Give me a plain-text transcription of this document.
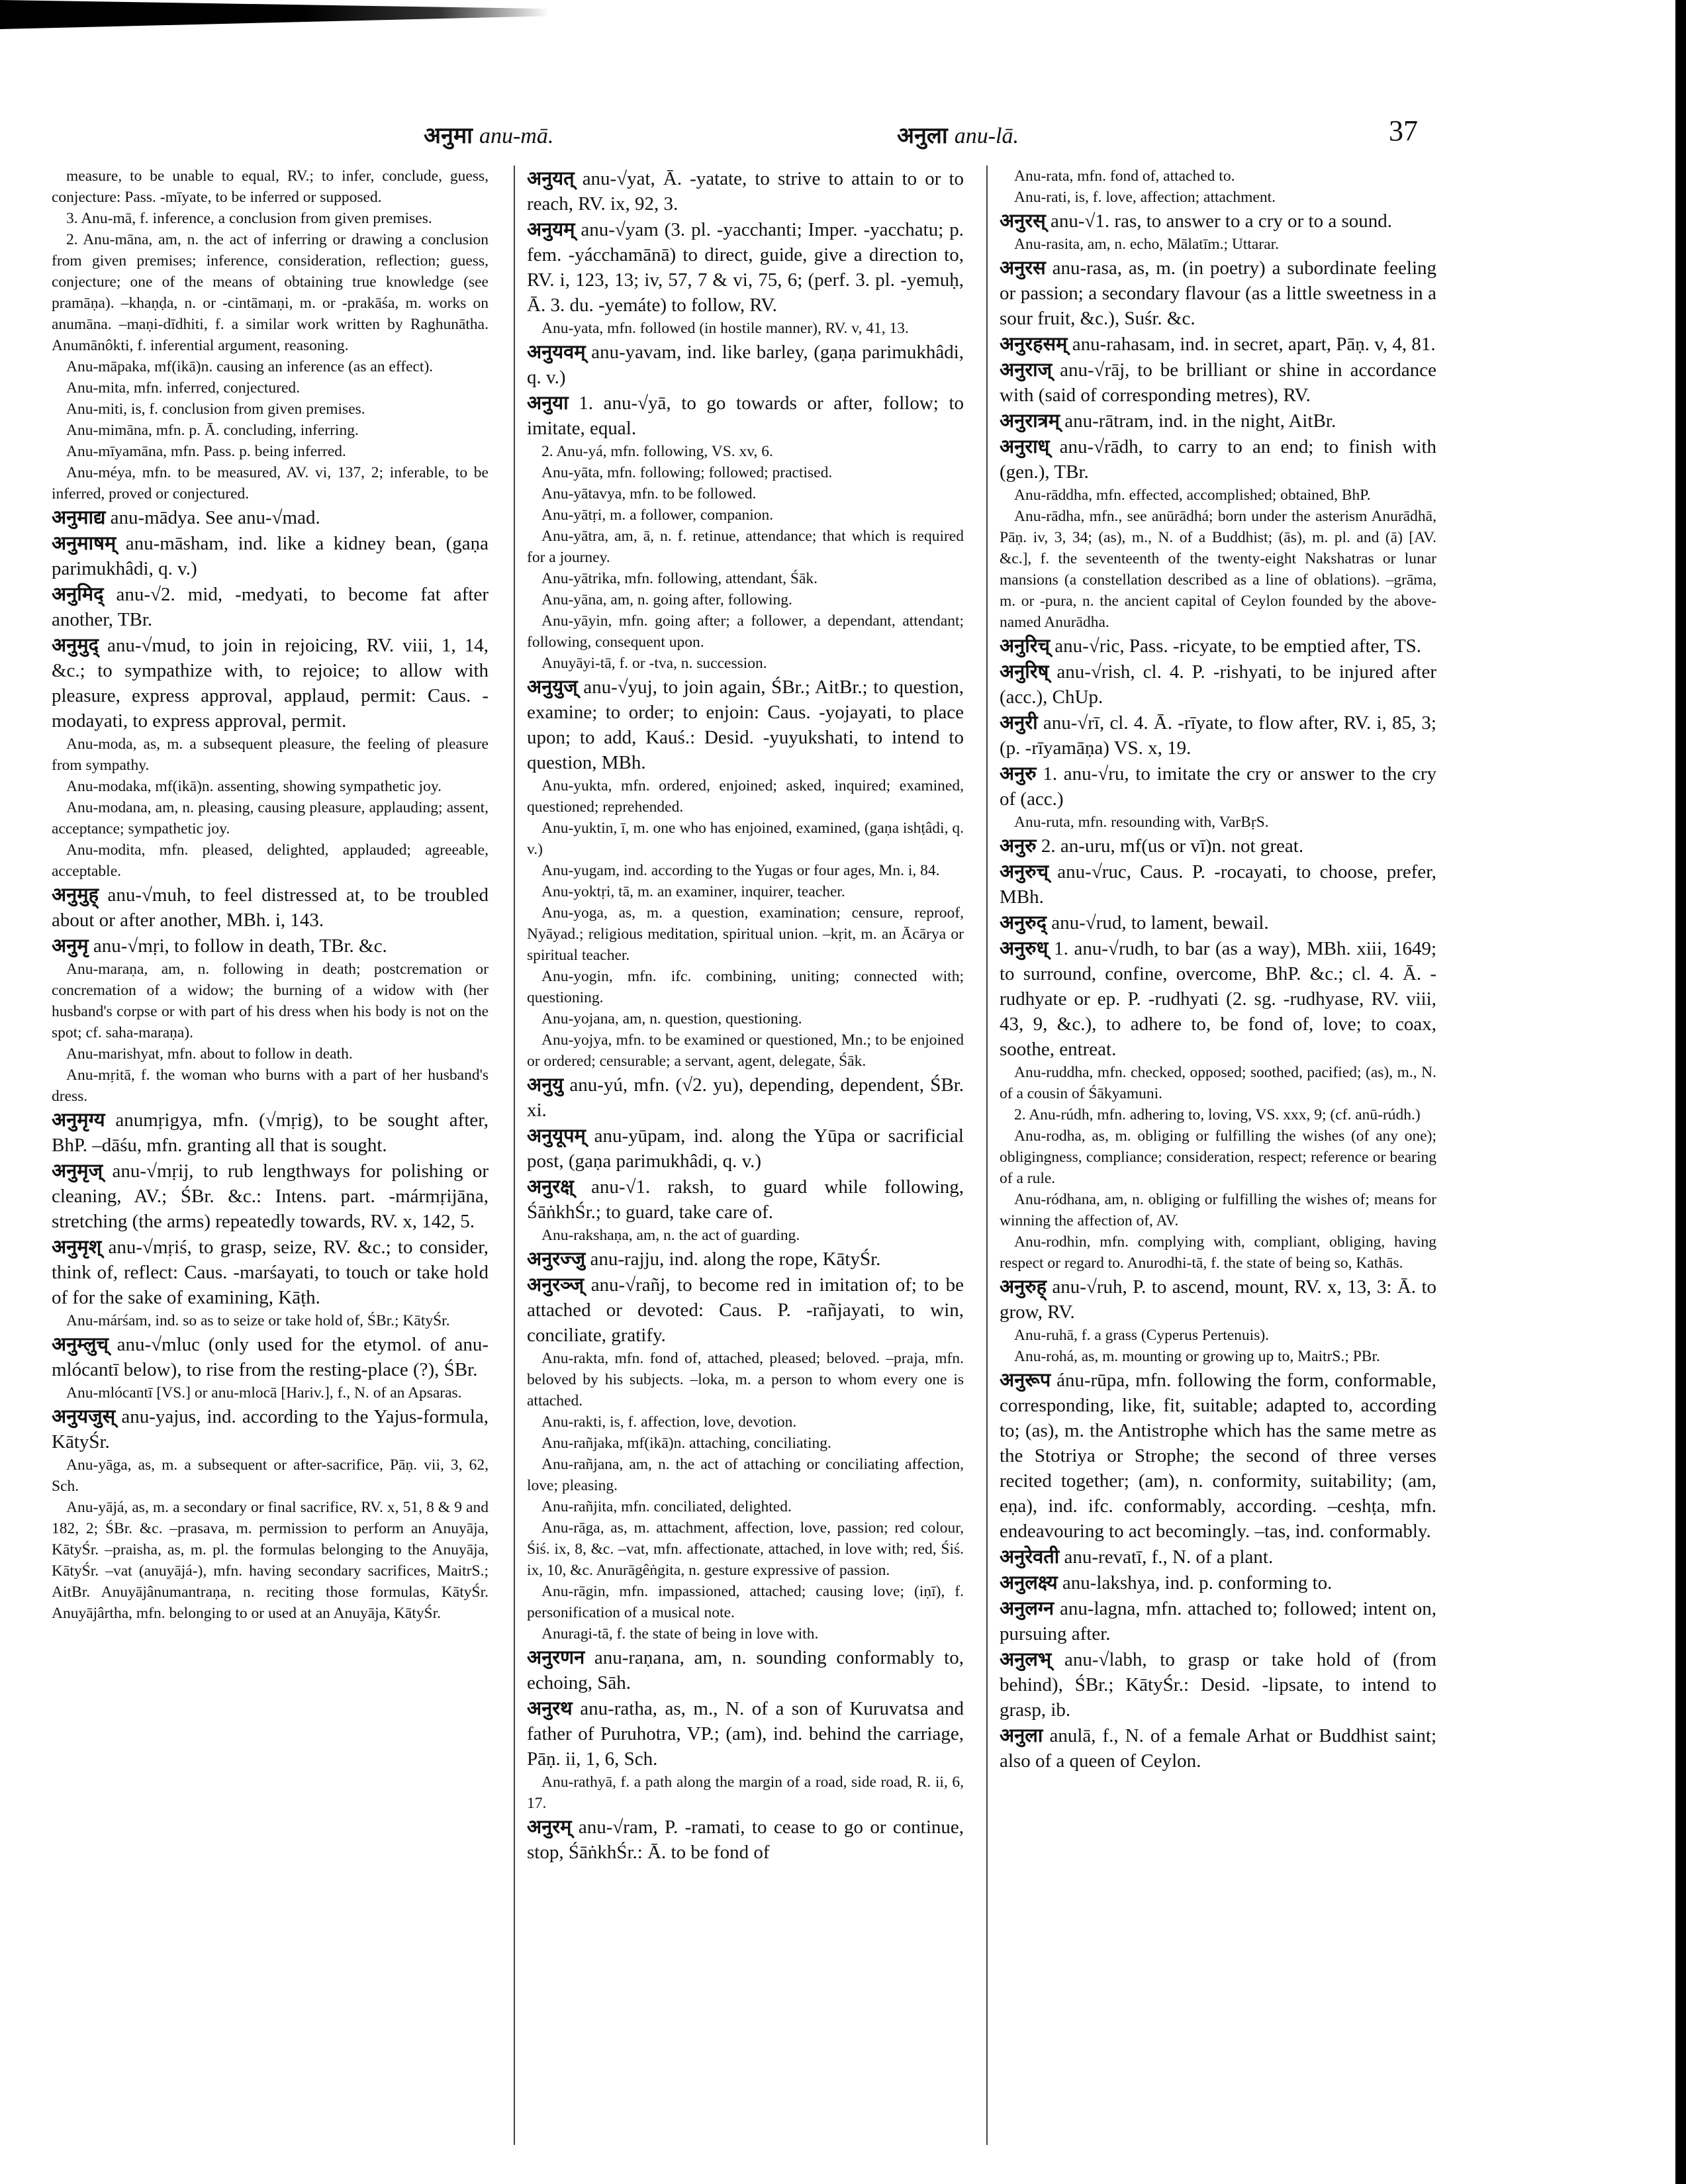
अनुमा anu-mā.	अनुला anu-lā.	37

measure, to be unable to equal, RV.; to infer, conclude, guess, conjecture: Pass. -mīyate, to be inferred or supposed.

3. Anu-mā, f. inference, a conclusion from given premises.

2. Anu-māna, am, n. the act of inferring or drawing a conclusion from given premises; inference, consideration, reflection; guess, conjecture; one of the means of obtaining true knowledge (see pramāṇa). –khaṇḍa, n. or -cintāmaṇi, m. or -prakāśa, m. works on anumāna. –maṇi-dīdhiti, f. a similar work written by Raghunātha. Anumānôkti, f. inferential argument, reasoning.

Anu-māpaka, mf(ikā)n. causing an inference (as an effect).

Anu-mita, mfn. inferred, conjectured.

Anu-miti, is, f. conclusion from given premises.

Anu-mimāna, mfn. p. Ā. concluding, inferring.

Anu-mīyamāna, mfn. Pass. p. being inferred.

Anu-méya, mfn. to be measured, AV. vi, 137, 2; inferable, to be inferred, proved or conjectured.

अनुमाद्य anu-mādya. See anu-√mad.

अनुमाषम् anu-māsham, ind. like a kidney bean, (gaṇa parimukhâdi, q. v.)

अनुमिद् anu-√2. mid, -medyati, to become fat after another, TBr.

अनुमुद् anu-√mud, to join in rejoicing, RV. viii, 1, 14, &c.; to sympathize with, to rejoice; to allow with pleasure, express approval, applaud, permit: Caus. -modayati, to express approval, permit.

Anu-moda, as, m. a subsequent pleasure, the feeling of pleasure from sympathy.

Anu-modaka, mf(ikā)n. assenting, showing sympathetic joy.

Anu-modana, am, n. pleasing, causing pleasure, applauding; assent, acceptance; sympathetic joy.

Anu-modita, mfn. pleased, delighted, applauded; agreeable, acceptable.

अनुमुह् anu-√muh, to feel distressed at, to be troubled about or after another, MBh. i, 143.

अनुमृ anu-√mṛi, to follow in death, TBr. &c.

Anu-maraṇa, am, n. following in death; postcremation or concremation of a widow; the burning of a widow with (her husband's corpse or with part of his dress when his body is not on the spot; cf. saha-maraṇa).

Anu-marishyat, mfn. about to follow in death.

Anu-mṛitā, f. the woman who burns with a part of her husband's dress.

अनुमृग्य anumṛigya, mfn. (√mṛig), to be sought after, BhP. –dāśu, mfn. granting all that is sought.

अनुमृज् anu-√mṛij, to rub lengthways for polishing or cleaning, AV.; ŚBr. &c.: Intens. part. -mármṛijāna, stretching (the arms) repeatedly towards, RV. x, 142, 5.

अनुमृश् anu-√mṛiś, to grasp, seize, RV. &c.; to consider, think of, reflect: Caus. -marśayati, to touch or take hold of for the sake of examining, Kāṭh.

Anu-márśam, ind. so as to seize or take hold of, ŚBr.; KātyŚr.

अनुम्लुच् anu-√mluc (only used for the etymol. of anu-mlócantī below), to rise from the resting-place (?), ŚBr.

Anu-mlócantī [VS.] or anu-mlocā [Hariv.], f., N. of an Apsaras.

अनुयजुस् anu-yajus, ind. according to the Yajus-formula, KātyŚr.

Anu-yāga, as, m. a subsequent or after-sacrifice, Pāṇ. vii, 3, 62, Sch.

Anu-yājá, as, m. a secondary or final sacrifice, RV. x, 51, 8 & 9 and 182, 2; ŚBr. &c. –prasava, m. permission to perform an Anuyāja, KātyŚr. –praisha, as, m. pl. the formulas belonging to the Anuyāja, KātyŚr. –vat (anuyājá-), mfn. having secondary sacrifices, MaitrS.; AitBr. Anuyājânumantraṇa, n. reciting those formulas, KātyŚr. Anuyājârtha, mfn. belonging to or used at an Anuyāja, KātyŚr.

अनुयत् anu-√yat, Ā. -yatate, to strive to attain to or to reach, RV. ix, 92, 3.

अनुयम् anu-√yam (3. pl. -yacchanti; Imper. -yacchatu; p. fem. -yácchamānā) to direct, guide, give a direction to, RV. i, 123, 13; iv, 57, 7 & vi, 75, 6; (perf. 3. pl. -yemuḥ, Ā. 3. du. -yemáte) to follow, RV.

Anu-yata, mfn. followed (in hostile manner), RV. v, 41, 13.

अनुयवम् anu-yavam, ind. like barley, (gaṇa parimukhâdi, q. v.)

अनुया 1. anu-√yā, to go towards or after, follow; to imitate, equal.

2. Anu-yá, mfn. following, VS. xv, 6.

Anu-yāta, mfn. following; followed; practised.

Anu-yātavya, mfn. to be followed.

Anu-yātṛi, m. a follower, companion.

Anu-yātra, am, ā, n. f. retinue, attendance; that which is required for a journey.

Anu-yātrika, mfn. following, attendant, Śāk.

Anu-yāna, am, n. going after, following.

Anu-yāyin, mfn. going after; a follower, a dependant, attendant; following, consequent upon.

Anuyāyi-tā, f. or -tva, n. succession.

अनुयुज् anu-√yuj, to join again, ŚBr.; AitBr.; to question, examine; to order; to enjoin: Caus. -yojayati, to place upon; to add, Kauś.: Desid. -yuyukshati, to intend to question, MBh.

Anu-yukta, mfn. ordered, enjoined; asked, inquired; examined, questioned; reprehended.

Anu-yuktin, ī, m. one who has enjoined, examined, (gaṇa ishṭâdi, q. v.)

Anu-yugam, ind. according to the Yugas or four ages, Mn. i, 84.

Anu-yoktṛi, tā, m. an examiner, inquirer, teacher.

Anu-yoga, as, m. a question, examination; censure, reproof, Nyāyad.; religious meditation, spiritual union. –kṛit, m. an Ācārya or spiritual teacher.

Anu-yogin, mfn. ifc. combining, uniting; connected with; questioning.

Anu-yojana, am, n. question, questioning.

Anu-yojya, mfn. to be examined or questioned, Mn.; to be enjoined or ordered; censurable; a servant, agent, delegate, Śāk.

अनुयु anu-yú, mfn. (√2. yu), depending, dependent, ŚBr. xi.

अनुयूपम् anu-yūpam, ind. along the Yūpa or sacrificial post, (gaṇa parimukhâdi, q. v.)

अनुरक्ष् anu-√1. raksh, to guard while following, ŚāṅkhŚr.; to guard, take care of.

Anu-rakshaṇa, am, n. the act of guarding.

अनुरज्जु anu-rajju, ind. along the rope, KātyŚr.

अनुरञ्ज् anu-√rañj, to become red in imitation of; to be attached or devoted: Caus. P. -rañjayati, to win, conciliate, gratify.

Anu-rakta, mfn. fond of, attached, pleased; beloved. –praja, mfn. beloved by his subjects. –loka, m. a person to whom every one is attached.

Anu-rakti, is, f. affection, love, devotion.

Anu-rañjaka, mf(ikā)n. attaching, conciliating.

Anu-rañjana, am, n. the act of attaching or conciliating affection, love; pleasing.

Anu-rañjita, mfn. conciliated, delighted.

Anu-rāga, as, m. attachment, affection, love, passion; red colour, Śiś. ix, 8, &c. –vat, mfn. affectionate, attached, in love with; red, Śiś. ix, 10, &c. Anurāgêṅgita, n. gesture expressive of passion.

Anu-rāgin, mfn. impassioned, attached; causing love; (iṇī), f. personification of a musical note.

Anuragi-tā, f. the state of being in love with.

अनुरणन anu-raṇana, am, n. sounding conformably to, echoing, Sāh.

अनुरथ anu-ratha, as, m., N. of a son of Kuruvatsa and father of Puruhotra, VP.; (am), ind. behind the carriage, Pāṇ. ii, 1, 6, Sch.

Anu-rathyā, f. a path along the margin of a road, side road, R. ii, 6, 17.

अनुरम् anu-√ram, P. -ramati, to cease to go or continue, stop, ŚāṅkhŚr.: Ā. to be fond of

Anu-rata, mfn. fond of, attached to.

Anu-rati, is, f. love, affection; attachment.

अनुरस् anu-√1. ras, to answer to a cry or to a sound.

Anu-rasita, am, n. echo, Mālatīm.; Uttarar.

अनुरस anu-rasa, as, m. (in poetry) a subordinate feeling or passion; a secondary flavour (as a little sweetness in a sour fruit, &c.), Suśr. &c.

अनुरहसम् anu-rahasam, ind. in secret, apart, Pāṇ. v, 4, 81.

अनुराज् anu-√rāj, to be brilliant or shine in accordance with (said of corresponding metres), RV.

अनुरात्रम् anu-rātram, ind. in the night, AitBr.

अनुराध् anu-√rādh, to carry to an end; to finish with (gen.), TBr.

Anu-rāddha, mfn. effected, accomplished; obtained, BhP.

Anu-rādha, mfn., see anūrādhá; born under the asterism Anurādhā, Pāṇ. iv, 3, 34; (as), m., N. of a Buddhist; (ās), m. pl. and (ā) [AV. &c.], f. the seventeenth of the twenty-eight Nakshatras or lunar mansions (a constellation described as a line of oblations). –grāma, m. or -pura, n. the ancient capital of Ceylon founded by the above-named Anurādha.

अनुरिच् anu-√ric, Pass. -ricyate, to be emptied after, TS.

अनुरिष् anu-√rish, cl. 4. P. -rishyati, to be injured after (acc.), ChUp.

अनुरी anu-√rī, cl. 4. Ā. -rīyate, to flow after, RV. i, 85, 3; (p. -rīyamāṇa) VS. x, 19.

अनुरु 1. anu-√ru, to imitate the cry or answer to the cry of (acc.)

Anu-ruta, mfn. resounding with, VarBṛS.

अनुरु 2. an-uru, mf(us or vī)n. not great.

अनुरुच् anu-√ruc, Caus. P. -rocayati, to choose, prefer, MBh.

अनुरुद् anu-√rud, to lament, bewail.

अनुरुध् 1. anu-√rudh, to bar (as a way), MBh. xiii, 1649; to surround, confine, overcome, BhP. &c.; cl. 4. Ā. -rudhyate or ep. P. -rudhyati (2. sg. -rudhyase, RV. viii, 43, 9, &c.), to adhere to, be fond of, love; to coax, soothe, entreat.

Anu-ruddha, mfn. checked, opposed; soothed, pacified; (as), m., N. of a cousin of Śākyamuni.

2. Anu-rúdh, mfn. adhering to, loving, VS. xxx, 9; (cf. anū-rúdh.)

Anu-rodha, as, m. obliging or fulfilling the wishes (of any one); obligingness, compliance; consideration, respect; reference or bearing of a rule.

Anu-ródhana, am, n. obliging or fulfilling the wishes of; means for winning the affection of, AV.

Anu-rodhin, mfn. complying with, compliant, obliging, having respect or regard to. Anurodhi-tā, f. the state of being so, Kathās.

अनुरुह् anu-√ruh, P. to ascend, mount, RV. x, 13, 3: Ā. to grow, RV.

Anu-ruhā, f. a grass (Cyperus Pertenuis).

Anu-rohá, as, m. mounting or growing up to, MaitrS.; PBr.

अनुरूप ánu-rūpa, mfn. following the form, conformable, corresponding, like, fit, suitable; adapted to, according to; (as), m. the Antistrophe which has the same metre as the Stotriya or Strophe; the second of three verses recited together; (am), n. conformity, suitability; (am, eṇa), ind. ifc. conformably, according. –ceshṭa, mfn. endeavouring to act becomingly. –tas, ind. conformably.

अनुरेवती anu-revatī, f., N. of a plant.

अनुलक्ष्य anu-lakshya, ind. p. conforming to.

अनुलग्न anu-lagna, mfn. attached to; followed; intent on, pursuing after.

अनुलभ् anu-√labh, to grasp or take hold of (from behind), ŚBr.; KātyŚr.: Desid. -lipsate, to intend to grasp, ib.

अनुला anulā, f., N. of a female Arhat or Buddhist saint; also of a queen of Ceylon.
